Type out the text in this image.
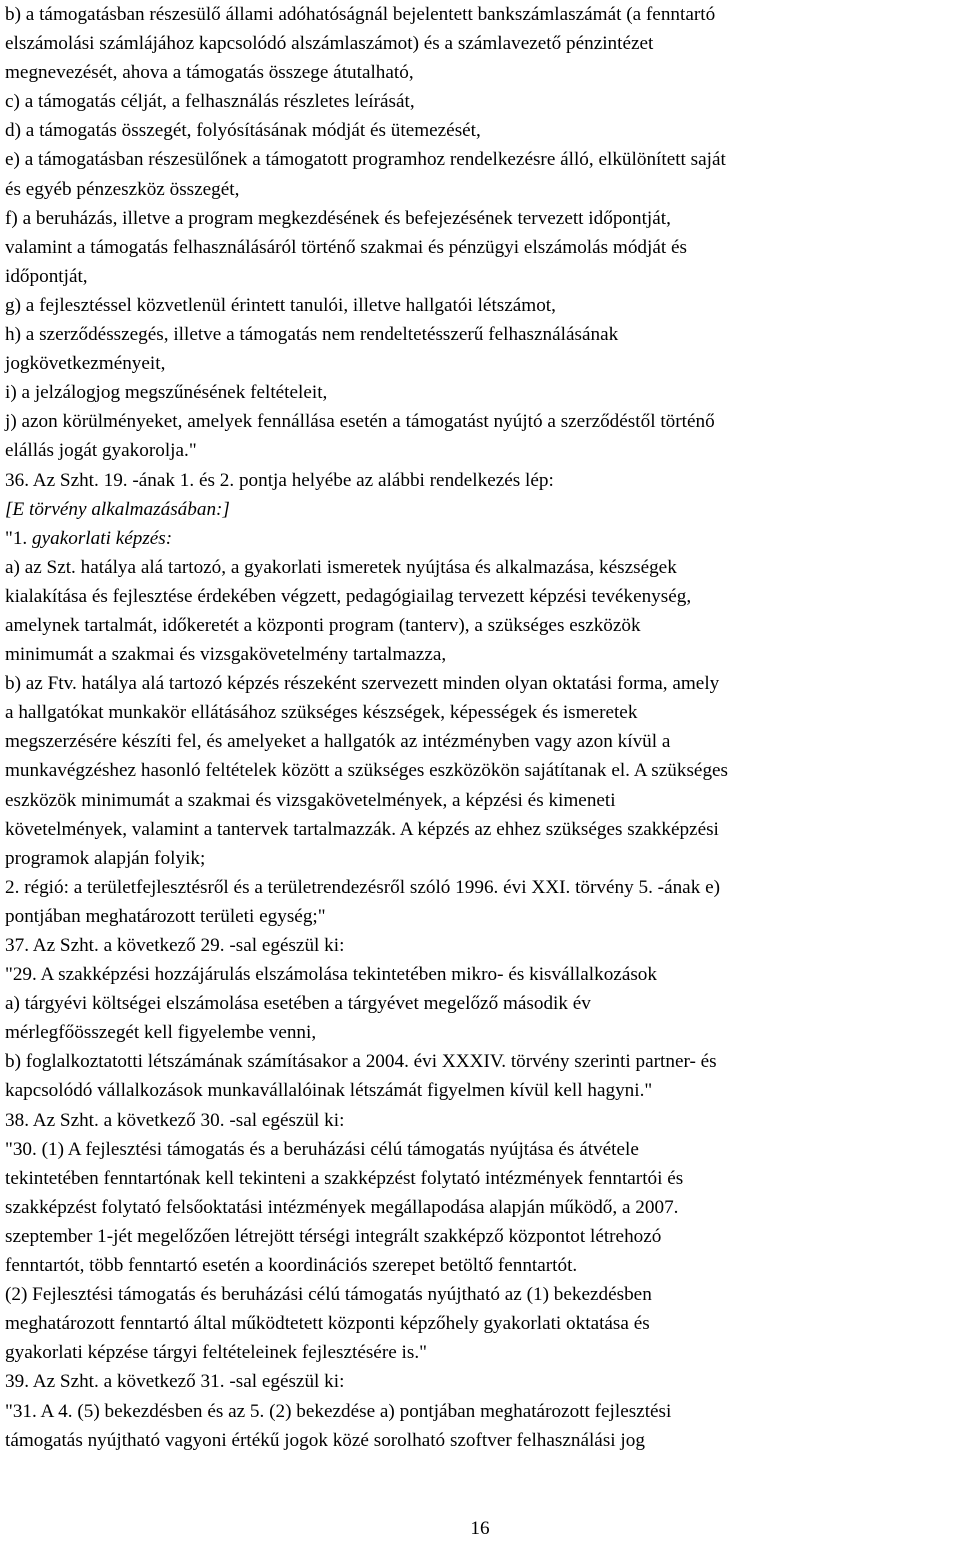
b) a támogatásban részesülő állami adóhatóságnál bejelentett bankszámlaszámát (a fenntartó
elszámolási számlájához kapcsolódó alszámlaszámot) és a számlavezető pénzintézet
megnevezését, ahova a támogatás összege átutalható,
c) a támogatás célját, a felhasználás részletes leírását,
d) a támogatás összegét, folyósításának módját és ütemezését,
e) a támogatásban részesülőnek a támogatott programhoz rendelkezésre álló, elkülönített saját
és egyéb pénzeszköz összegét,
f) a beruházás, illetve a program megkezdésének és befejezésének tervezett időpontját,
valamint a támogatás felhasználásáról történő szakmai és pénzügyi elszámolás módját és
időpontját,
g) a fejlesztéssel közvetlenül érintett tanulói, illetve hallgatói létszámot,
h) a szerződésszegés, illetve a támogatás nem rendeltetésszerű felhasználásának
jogkövetkezményeit,
i) a jelzálogjog megszűnésének feltételeit,
j) azon körülményeket, amelyek fennállása esetén a támogatást nyújtó a szerződéstől történő
elállás jogát gyakorolja."
36. Az Szht. 19. -ának 1. és 2. pontja helyébe az alábbi rendelkezés lép:
[E törvény alkalmazásában:]
"1. gyakorlati képzés:
a) az Szt. hatálya alá tartozó, a gyakorlati ismeretek nyújtása és alkalmazása, készségek
kialakítása és fejlesztése érdekében végzett, pedagógiailag tervezett képzési tevékenység,
amelynek tartalmát, időkeretét a központi program (tanterv), a szükséges eszközök
minimumát a szakmai és vizsgakövetelmény tartalmazza,
b) az Ftv. hatálya alá tartozó képzés részeként szervezett minden olyan oktatási forma, amely
a hallgatókat munkakör ellátásához szükséges készségek, képességek és ismeretek
megszerzésére készíti fel, és amelyeket a hallgatók az intézményben vagy azon kívül a
munkavégzéshez hasonló feltételek között a szükséges eszközökön sajátítanak el. A szükséges
eszközök minimumát a szakmai és vizsgakövetelmények, a képzési és kimeneti
követelmények, valamint a tantervek tartalmazzák. A képzés az ehhez szükséges szakképzési
programok alapján folyik;
2. régió: a területfejlesztésről és a területrendezésről szóló 1996. évi XXI. törvény 5. -ának e)
pontjában meghatározott területi egység;"
37. Az Szht. a következő 29. -sal egészül ki:
"29. A szakképzési hozzájárulás elszámolása tekintetében mikro- és kisvállalkozások
a) tárgyévi költségei elszámolása esetében a tárgyévet megelőző második év
mérlegfőösszegét kell figyelembe venni,
b) foglalkoztatotti létszámának számításakor a 2004. évi XXXIV. törvény szerinti partner- és
kapcsolódó vállalkozások munkavállalóinak létszámát figyelmen kívül kell hagyni."
38. Az Szht. a következő 30. -sal egészül ki:
"30. (1) A fejlesztési támogatás és a beruházási célú támogatás nyújtása és átvétele
tekintetében fenntartónak kell tekinteni a szakképzést folytató intézmények fenntartói és
szakképzést folytató felsőoktatási intézmények megállapodása alapján működő, a 2007.
szeptember 1-jét megelőzően létrejött térségi integrált szakképző központot létrehozó
fenntartót, több fenntartó esetén a koordinációs szerepet betöltő fenntartót.
(2) Fejlesztési támogatás és beruházási célú támogatás nyújtható az (1) bekezdésben
meghatározott fenntartó által működtetett központi képzőhely gyakorlati oktatása és
gyakorlati képzése tárgyi feltételeinek fejlesztésére is."
39. Az Szht. a következő 31. -sal egészül ki:
"31. A 4. (5) bekezdésben és az 5. (2) bekezdése a) pontjában meghatározott fejlesztési
támogatás nyújtható vagyoni értékű jogok közé sorolható szoftver felhasználási jog
16
